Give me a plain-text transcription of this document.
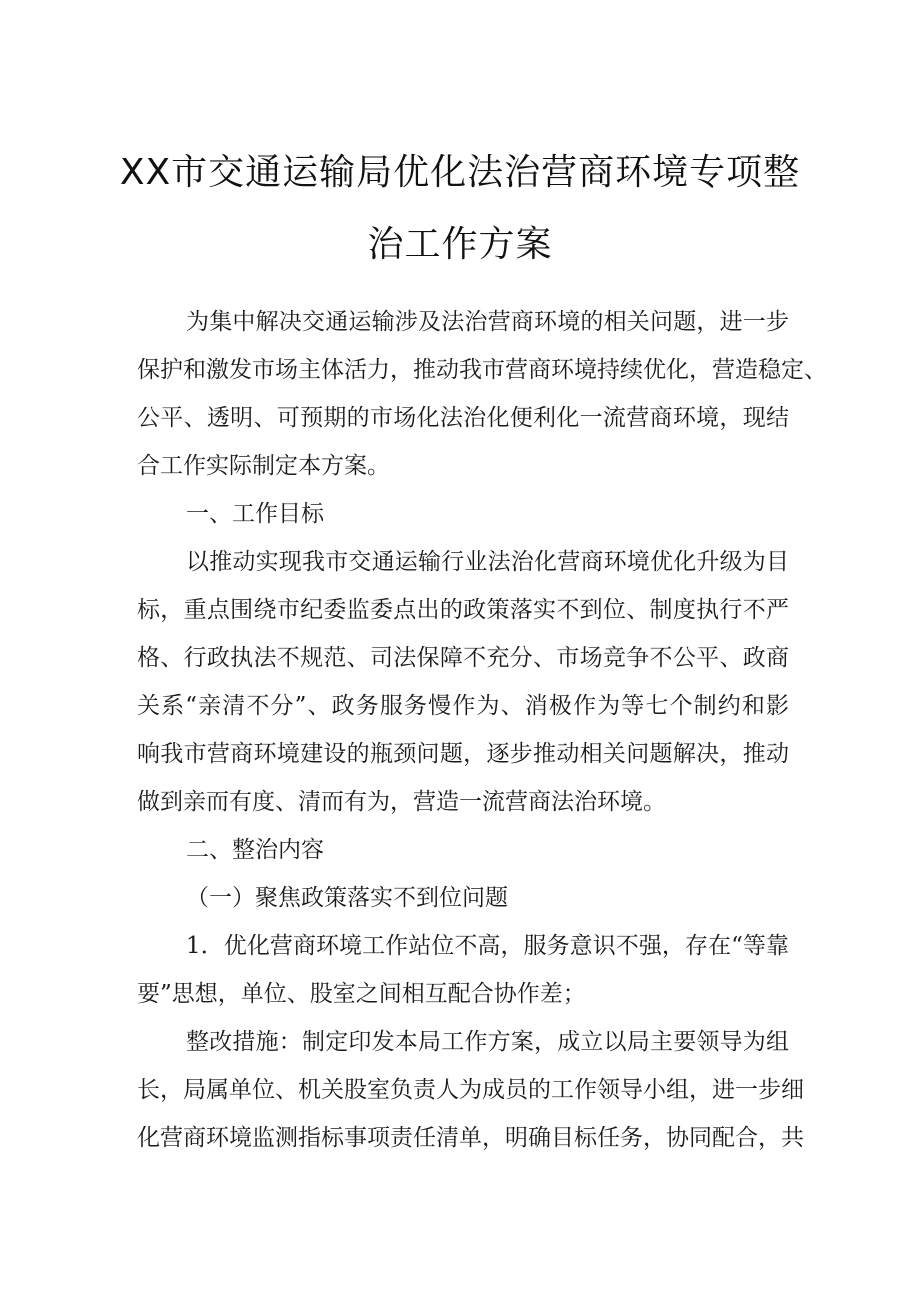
XX市交通运输局优化法治营商环境专项整
治工作方案
为集中解决交通运输涉及法治营商环境的相关问题，进一步
保护和激发市场主体活力，推动我市营商环境持续优化，营造稳定、
公平、透明、可预期的市场化法治化便利化一流营商环境，现结
合工作实际制定本方案。
一、工作目标
以推动实现我市交通运输行业法治化营商环境优化升级为目
标，重点围绕市纪委监委点出的政策落实不到位、制度执行不严
格、行政执法不规范、司法保障不充分、市场竞争不公平、政商
关系“亲清不分”、政务服务慢作为、消极作为等七个制约和影
响我市营商环境建设的瓶颈问题，逐步推动相关问题解决，推动
做到亲而有度、清而有为，营造一流营商法治环境。
二、整治内容
（一）聚焦政策落实不到位问题
1．优化营商环境工作站位不高，服务意识不强，存在“等靠
要”思想，单位、股室之间相互配合协作差；
整改措施：制定印发本局工作方案，成立以局主要领导为组
长，局属单位、机关股室负责人为成员的工作领导小组，进一步细
化营商环境监测指标事项责任清单，明确目标任务，协同配合，共
